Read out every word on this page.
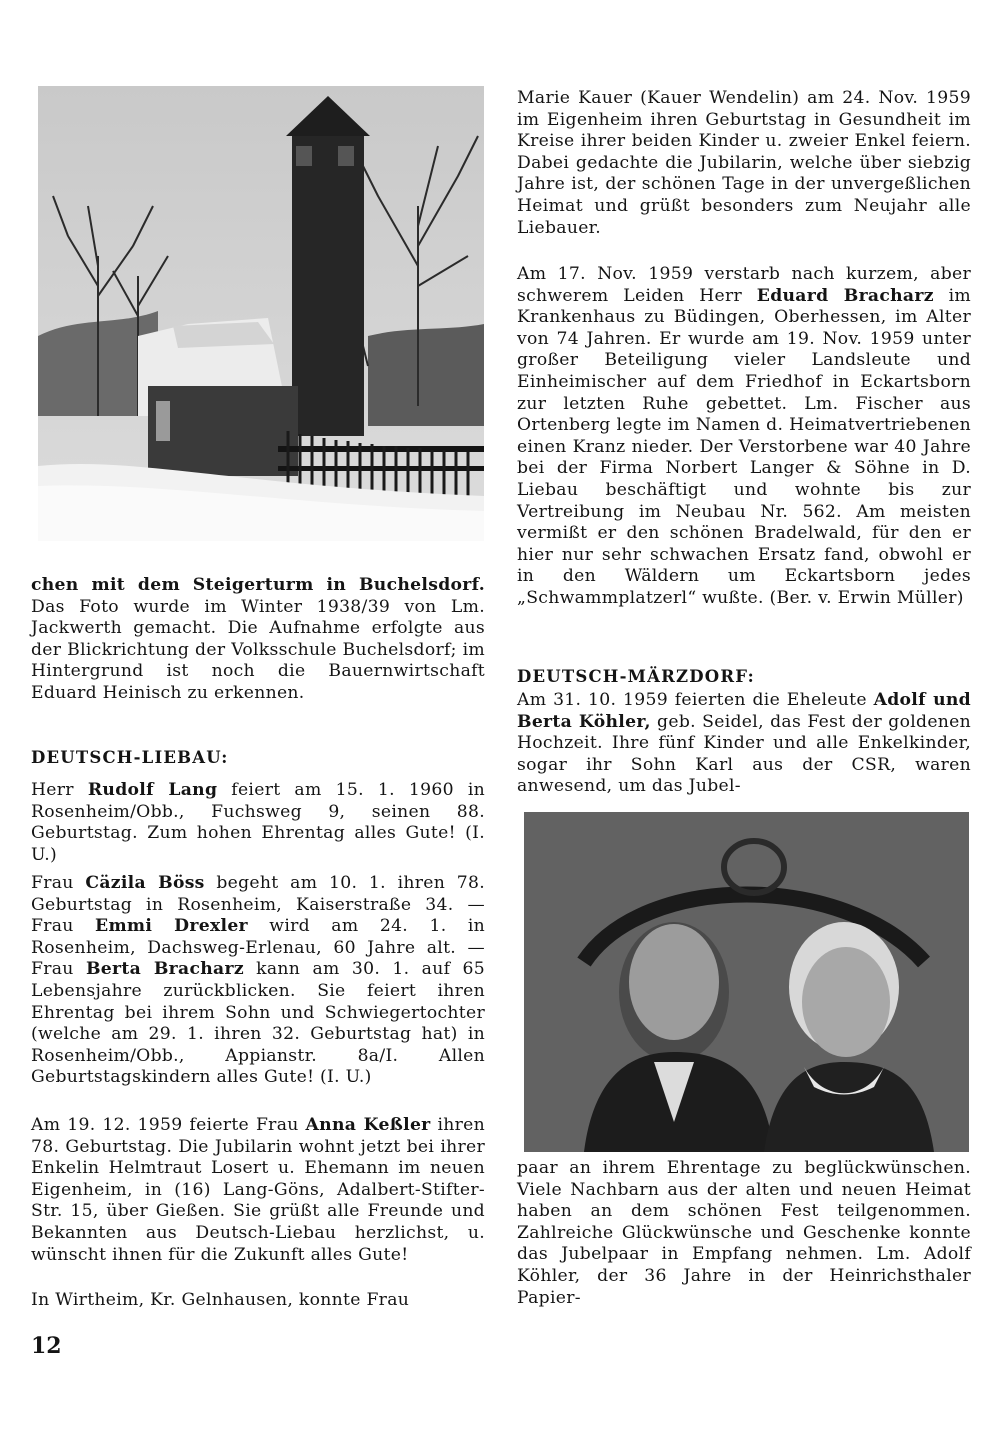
chen mit dem Steigerturm in Buchelsdorf. Das Foto wurde im Winter 1938/39 von Lm. Jackwerth gemacht. Die Aufnahme erfolgte aus der Blickrichtung der Volksschule Buchelsdorf; im Hintergrund ist noch die Bauernwirtschaft Eduard Heinisch zu erkennen.

DEUTSCH-LIEBAU:

Herr Rudolf Lang feiert am 15. 1. 1960 in Rosenheim/Obb., Fuchsweg 9, seinen 88. Geburtstag. Zum hohen Ehrentag alles Gute! (I. U.)

Frau Cäzila Böss begeht am 10. 1. ihren 78. Geburtstag in Rosenheim, Kaiserstraße 34. — Frau Emmi Drexler wird am 24. 1. in Rosenheim, Dachsweg-Erlenau, 60 Jahre alt. — Frau Berta Bracharz kann am 30. 1. auf 65 Lebensjahre zurückblicken. Sie feiert ihren Ehrentag bei ihrem Sohn und Schwiegertochter (welche am 29. 1. ihren 32. Geburtstag hat) in Rosenheim/Obb., Appianstr. 8a/I. Allen Geburtstagskindern alles Gute! (I. U.)

Am 19. 12. 1959 feierte Frau Anna Keßler ihren 78. Geburtstag. Die Jubilarin wohnt jetzt bei ihrer Enkelin Helmtraut Losert u. Ehemann im neuen Eigenheim, in (16) Lang-Göns, Adalbert-Stifter-Str. 15, über Gießen. Sie grüßt alle Freunde und Bekannten aus Deutsch-Liebau herzlichst, u. wünscht ihnen für die Zukunft alles Gute!

In Wirtheim, Kr. Gelnhausen, konnte Frau

12

Marie Kauer (Kauer Wendelin) am 24. Nov. 1959 im Eigenheim ihren Geburtstag in Gesundheit im Kreise ihrer beiden Kinder u. zweier Enkel feiern. Dabei gedachte die Jubilarin, welche über siebzig Jahre ist, der schönen Tage in der unvergeßlichen Heimat und grüßt besonders zum Neujahr alle Liebauer.

Am 17. Nov. 1959 verstarb nach kurzem, aber schwerem Leiden Herr Eduard Bracharz im Krankenhaus zu Büdingen, Oberhessen, im Alter von 74 Jahren. Er wurde am 19. Nov. 1959 unter großer Beteiligung vieler Landsleute und Einheimischer auf dem Friedhof in Eckartsborn zur letzten Ruhe gebettet. Lm. Fischer aus Ortenberg legte im Namen d. Heimatvertriebenen einen Kranz nieder. Der Verstorbene war 40 Jahre bei der Firma Norbert Langer & Söhne in D. Liebau beschäftigt und wohnte bis zur Vertreibung im Neubau Nr. 562. Am meisten vermißt er den schönen Bradelwald, für den er hier nur sehr schwachen Ersatz fand, obwohl er in den Wäldern um Eckartsborn jedes „Schwammplatzerl“ wußte. (Ber. v. Erwin Müller)

DEUTSCH-MÄRZDORF:

Am 31. 10. 1959 feierten die Eheleute Adolf und Berta Köhler, geb. Seidel, das Fest der goldenen Hochzeit. Ihre fünf Kinder und alle Enkelkinder, sogar ihr Sohn Karl aus der CSR, waren anwesend, um das Jubel-

paar an ihrem Ehrentage zu beglückwünschen. Viele Nachbarn aus der alten und neuen Heimat haben an dem schönen Fest teilgenommen. Zahlreiche Glückwünsche und Geschenke konnte das Jubelpaar in Empfang nehmen. Lm. Adolf Köhler, der 36 Jahre in der Heinrichsthaler Papier-
